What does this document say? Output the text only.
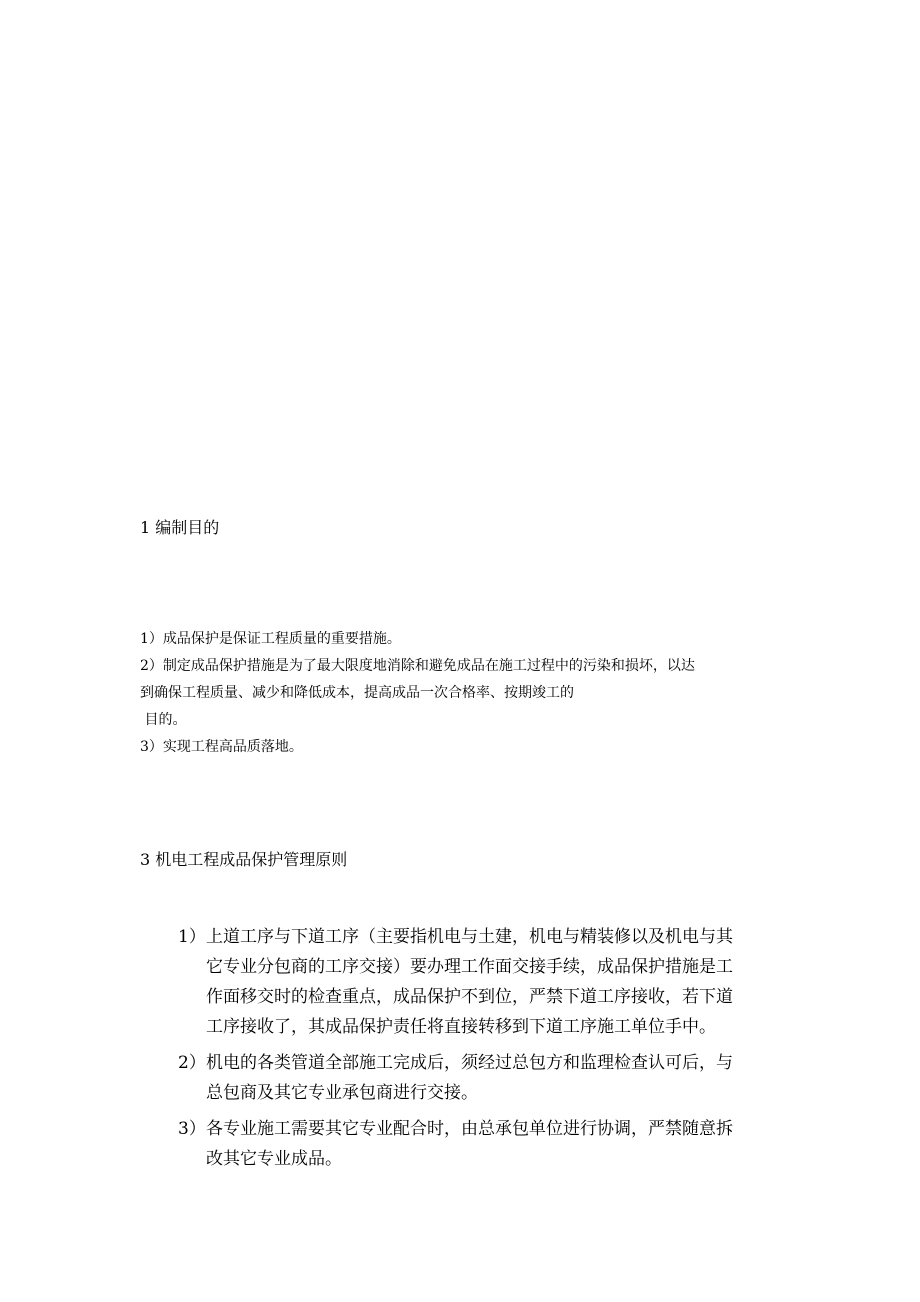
1 编制目的

1）成品保护是保证工程质量的重要措施。

2）制定成品保护措施是为了最大限度地消除和避免成品在施工过程中的污染和损坏，以达
到确保工程质量、减少和降低成本，提高成品一次合格率、按期竣工的
目的。

3）实现工程高品质落地。

3 机电工程成品保护管理原则
1） 上道工序与下道工序（主要指机电与土建，机电与精装修以及机电与其
它专业分包商的工序交接）要办理工作面交接手续，成品保护措施是工
作面移交时的检查重点，成品保护不到位，严禁下道工序接收，若下道
工序接收了，其成品保护责任将直接转移到下道工序施工单位手中。
2） 机电的各类管道全部施工完成后，须经过总包方和监理检查认可后，与
总包商及其它专业承包商进行交接。
3） 各专业施工需要其它专业配合时，由总承包单位进行协调，严禁随意拆
改其它专业成品。
